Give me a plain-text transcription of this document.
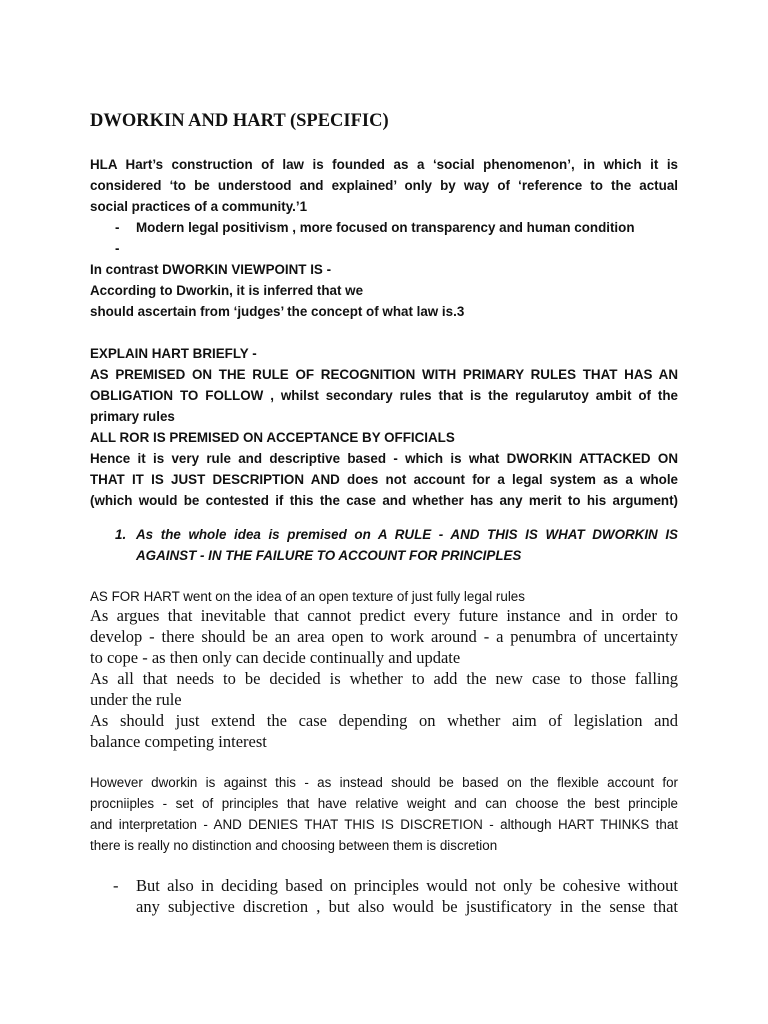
DWORKIN AND HART (SPECIFIC)
HLA Hart’s construction of law is founded as a ‘social phenomenon’, in which it is
considered ‘to be understood and explained’ only by way of ‘reference to the actual
social practices of a community.’1
- Modern legal positivism , more focused on transparency and human condition
-
In contrast DWORKIN VIEWPOINT IS -
According to Dworkin, it is inferred that we
should ascertain from ‘judges’ the concept of what law is.3
EXPLAIN HART BRIEFLY -
AS PREMISED ON THE RULE OF RECOGNITION WITH PRIMARY RULES THAT HAS AN
OBLIGATION TO FOLLOW , whilst secondary rules that is the regularutoy ambit of the
primary rules
ALL ROR IS PREMISED ON ACCEPTANCE BY OFFICIALS
Hence it is very rule and descriptive based - which is what DWORKIN ATTACKED ON
THAT IT IS JUST DESCRIPTION AND does not account for a legal system as a whole
(which would be contested if this the case and whether has any merit to his argument)
1. As the whole idea is premised on A RULE - AND THIS IS WHAT DWORKIN IS
AGAINST - IN THE FAILURE TO ACCOUNT FOR PRINCIPLES
AS FOR HART went on the idea of an open texture of just fully legal rules
As argues that inevitable that cannot predict every future instance and in order to
develop - there should be an area open to work around - a penumbra of uncertainty
to cope - as then only can decide continually and update
As all that needs to be decided is whether to add the new case to those falling
under the rule
As should just extend the case depending on whether aim of legislation and
balance competing interest
However dworkin is against this - as instead should be based on the flexible account for
procniiples - set of principles that have relative weight and can choose the best principle
and interpretation - AND DENIES THAT THIS IS DISCRETION - although HART THINKS that
there is really no distinction and choosing between them is discretion
- But also in deciding based on principles would not only be cohesive without
any subjective discretion , but also would be jsustificatory in the sense that
